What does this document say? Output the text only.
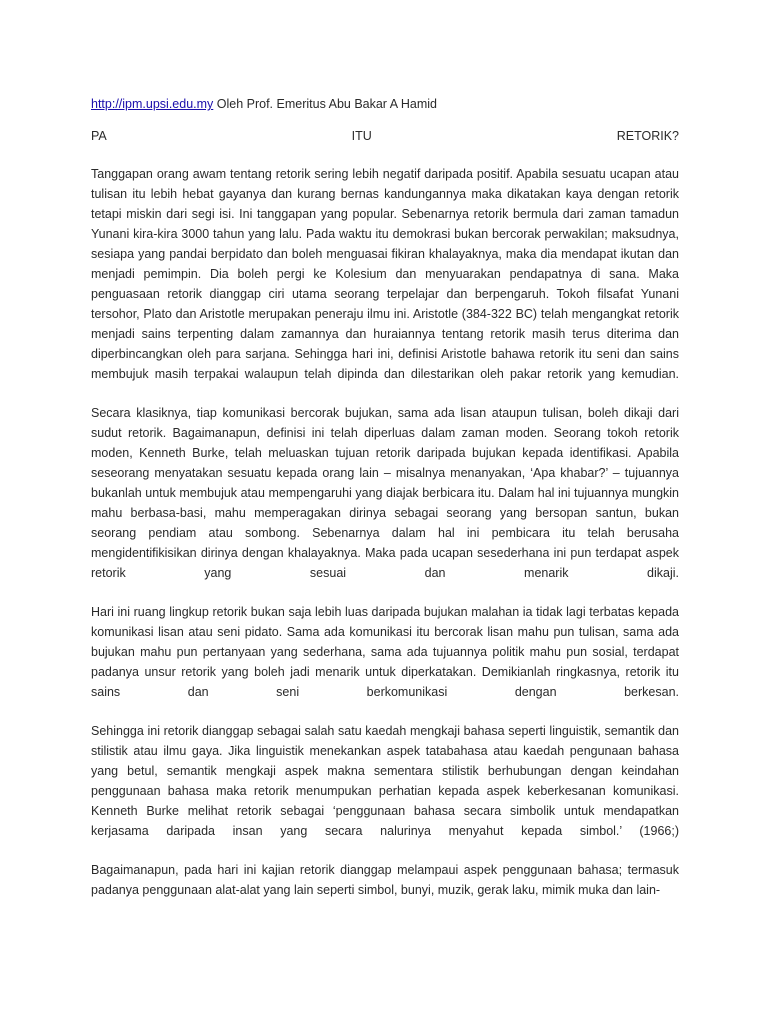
http://ipm.upsi.edu.my Oleh Prof. Emeritus Abu Bakar A Hamid
PA	ITU	RETORIK?

Tanggapan orang awam tentang retorik sering lebih negatif daripada positif. Apabila sesuatu ucapan atau tulisan itu lebih hebat gayanya dan kurang bernas kandungannya maka dikatakan kaya dengan retorik tetapi miskin dari segi isi. Ini tanggapan yang popular. Sebenarnya retorik bermula dari zaman tamadun Yunani kira-kira 3000 tahun yang lalu. Pada waktu itu demokrasi bukan bercorak perwakilan; maksudnya, sesiapa yang pandai berpidato dan boleh menguasai fikiran khalayaknya, maka dia mendapat ikutan dan menjadi pemimpin. Dia boleh pergi ke Kolesium dan menyuarakan pendapatnya di sana. Maka penguasaan retorik dianggap ciri utama seorang terpelajar dan berpengaruh. Tokoh filsafat Yunani tersohor, Plato dan Aristotle merupakan peneraju ilmu ini. Aristotle (384-322 BC) telah mengangkat retorik menjadi sains terpenting dalam zamannya dan huraiannya tentang retorik masih terus diterima dan diperbincangkan oleh para sarjana. Sehingga hari ini, definisi Aristotle bahawa retorik itu seni dan sains membujuk masih terpakai walaupun telah dipinda dan dilestarikan oleh pakar retorik yang kemudian.

Secara klasiknya, tiap komunikasi bercorak bujukan, sama ada lisan ataupun tulisan, boleh dikaji dari sudut retorik. Bagaimanapun, definisi ini telah diperluas dalam zaman moden. Seorang tokoh retorik moden, Kenneth Burke, telah meluaskan tujuan retorik daripada bujukan kepada identifikasi. Apabila seseorang menyatakan sesuatu kepada orang lain – misalnya menanyakan, ‘Apa khabar?’ – tujuannya bukanlah untuk membujuk atau mempengaruhi yang diajak berbicara itu. Dalam hal ini tujuannya mungkin mahu berbasa-basi, mahu memperagakan dirinya sebagai seorang yang bersopan santun, bukan seorang pendiam atau sombong. Sebenarnya dalam hal ini pembicara itu telah berusaha mengidentifikisikan dirinya dengan khalayaknya. Maka pada ucapan sesederhana ini pun terdapat aspek retorik yang sesuai dan menarik dikaji.

Hari ini ruang lingkup retorik bukan saja lebih luas daripada bujukan malahan ia tidak lagi terbatas kepada komunikasi lisan atau seni pidato. Sama ada komunikasi itu bercorak lisan mahu pun tulisan, sama ada bujukan mahu pun pertanyaan yang sederhana, sama ada tujuannya politik mahu pun sosial, terdapat padanya unsur retorik yang boleh jadi menarik untuk diperkatakan. Demikianlah ringkasnya, retorik itu sains dan seni berkomunikasi dengan berkesan.

Sehingga ini retorik dianggap sebagai salah satu kaedah mengkaji bahasa seperti linguistik, semantik dan stilistik atau ilmu gaya. Jika linguistik menekankan aspek tatabahasa atau kaedah pengunaan bahasa yang betul, semantik mengkaji aspek makna sementara stilistik berhubungan dengan keindahan penggunaan bahasa maka retorik menumpukan perhatian kepada aspek keberkesanan komunikasi. Kenneth Burke melihat retorik sebagai ‘penggunaan bahasa secara simbolik untuk mendapatkan kerjasama daripada insan yang secara nalurinya menyahut kepada simbol.’ (1966;)

Bagaimanapun, pada hari ini kajian retorik dianggap melampaui aspek penggunaan bahasa; termasuk padanya penggunaan alat-alat yang lain seperti simbol, bunyi, muzik, gerak laku, mimik muka dan lain-
